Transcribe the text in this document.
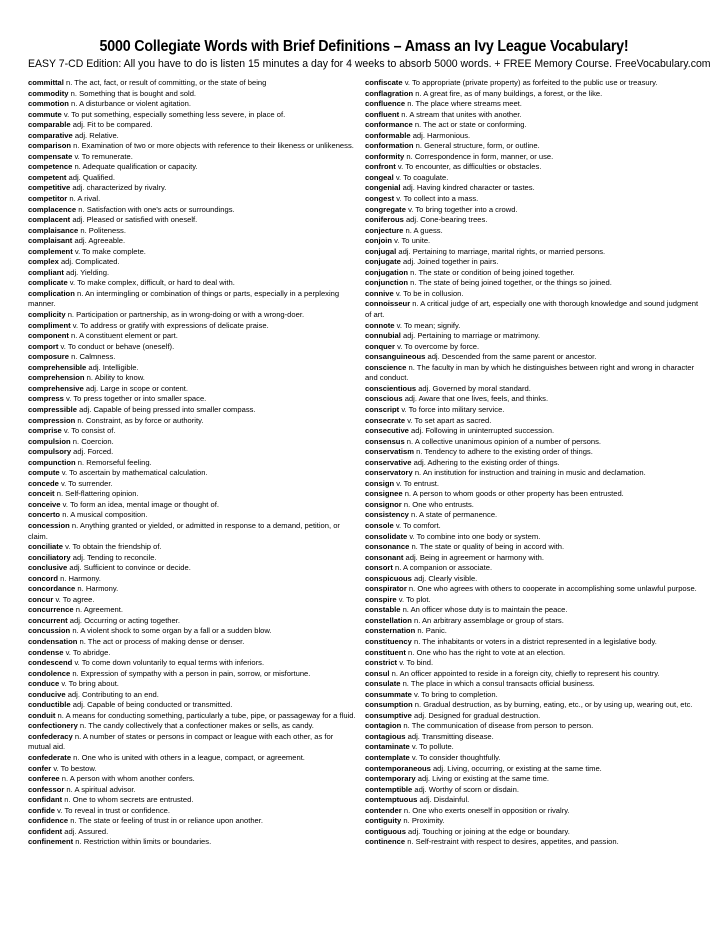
5000 Collegiate Words with Brief Definitions – Amass an Ivy League Vocabulary!
EASY 7-CD Edition: All you have to do is listen 15 minutes a day for 4 weeks to absorb 5000 words. + FREE Memory Course. FreeVocabulary.com

committal n. The act, fact, or result of committing, or the state of being

commodity n. Something that is bought and sold.

commotion n. A disturbance or violent agitation.

commute v. To put something, especially something less severe, in place of.

comparable adj. Fit to be compared.

comparative adj. Relative.

comparison n. Examination of two or more objects with reference to their likeness or unlikeness.

compensate v. To remunerate.

competence n. Adequate qualification or capacity.

competent adj. Qualified.

competitive adj. characterized by rivalry.

competitor n. A rival.

complacence n. Satisfaction with one's acts or surroundings.

complacent adj. Pleased or satisfied with oneself.

complaisance n. Politeness.

complaisant adj. Agreeable.

complement v. To make complete.

complex adj. Complicated.

compliant adj. Yielding.

complicate v. To make complex, difficult, or hard to deal with.

complication n. An intermingling or combination of things or parts, especially in a perplexing manner.

complicity n. Participation or partnership, as in wrong-doing or with a wrong-doer.

compliment v. To address or gratify with expressions of delicate praise.

component n. A constituent element or part.

comport v. To conduct or behave (oneself).

composure n. Calmness.

comprehensible adj. Intelligible.

comprehension n. Ability to know.

comprehensive adj. Large in scope or content.

compress v. To press together or into smaller space.

compressible adj. Capable of being pressed into smaller compass.

compression n. Constraint, as by force or authority.

comprise v. To consist of.

compulsion n. Coercion.

compulsory adj. Forced.

compunction n. Remorseful feeling.

compute v. To ascertain by mathematical calculation.

concede v. To surrender.

conceit n. Self-flattering opinion.

conceive v. To form an idea, mental image or thought of.

concerto n. A musical composition.

concession n. Anything granted or yielded, or admitted in response to a demand, petition, or claim.

conciliate v. To obtain the friendship of.

conciliatory adj. Tending to reconcile.

conclusive adj. Sufficient to convince or decide.

concord n. Harmony.

concordance n. Harmony.

concur v. To agree.

concurrence n. Agreement.

concurrent adj. Occurring or acting together.

concussion n. A violent shock to some organ by a fall or a sudden blow.

condensation n. The act or process of making dense or denser.

condense v. To abridge.

condescend v. To come down voluntarily to equal terms with inferiors.

condolence n. Expression of sympathy with a person in pain, sorrow, or misfortune.

conduce v. To bring about.

conducive adj. Contributing to an end.

conductible adj. Capable of being conducted or transmitted.

conduit n. A means for conducting something, particularly a tube, pipe, or passageway for a fluid.

confectionery n. The candy collectively that a confectioner makes or sells, as candy.

confederacy n. A number of states or persons in compact or league with each other, as for mutual aid.

confederate n. One who is united with others in a league, compact, or agreement.

confer v. To bestow.

conferee n. A person with whom another confers.

confessor n. A spiritual advisor.

confidant n. One to whom secrets are entrusted.

confide v. To reveal in trust or confidence.

confidence n. The state or feeling of trust in or reliance upon another.

confident adj. Assured.

confinement n. Restriction within limits or boundaries.

confiscate v. To appropriate (private property) as forfeited to the public use or treasury.

conflagration n. A great fire, as of many buildings, a forest, or the like.

confluence n. The place where streams meet.

confluent n. A stream that unites with another.

conformance n. The act or state or conforming.

conformable adj. Harmonious.

conformation n. General structure, form, or outline.

conformity n. Correspondence in form, manner, or use.

confront v. To encounter, as difficulties or obstacles.

congeal v. To coagulate.

congenial adj. Having kindred character or tastes.

congest v. To collect into a mass.

congregate v. To bring together into a crowd.

coniferous adj. Cone-bearing trees.

conjecture n. A guess.

conjoin v. To unite.

conjugal adj. Pertaining to marriage, marital rights, or married persons.

conjugate adj. Joined together in pairs.

conjugation n. The state or condition of being joined together.

conjunction n. The state of being joined together, or the things so joined.

connive v. To be in collusion.

connoisseur n. A critical judge of art, especially one with thorough knowledge and sound judgment of art.

connote v. To mean; signify.

connubial adj. Pertaining to marriage or matrimony.

conquer v. To overcome by force.

consanguineous adj. Descended from the same parent or ancestor.

conscience n. The faculty in man by which he distinguishes between right and wrong in character and conduct.

conscientious adj. Governed by moral standard.

conscious adj. Aware that one lives, feels, and thinks.

conscript v. To force into military service.

consecrate v. To set apart as sacred.

consecutive adj. Following in uninterrupted succession.

consensus n. A collective unanimous opinion of a number of persons.

conservatism n. Tendency to adhere to the existing order of things.

conservative adj. Adhering to the existing order of things.

conservatory n. An institution for instruction and training in music and declamation.

consign v. To entrust.

consignee n. A person to whom goods or other property has been entrusted.

consignor n. One who entrusts.

consistency n. A state of permanence.

console v. To comfort.

consolidate v. To combine into one body or system.

consonance n. The state or quality of being in accord with.

consonant adj. Being in agreement or harmony with.

consort n. A companion or associate.

conspicuous adj. Clearly visible.

conspirator n. One who agrees with others to cooperate in accomplishing some unlawful purpose.

conspire v. To plot.

constable n. An officer whose duty is to maintain the peace.

constellation n. An arbitrary assemblage or group of stars.

consternation n. Panic.

constituency n. The inhabitants or voters in a district represented in a legislative body.

constituent n. One who has the right to vote at an election.

constrict v. To bind.

consul n. An officer appointed to reside in a foreign city, chiefly to represent his country.

consulate n. The place in which a consul transacts official business.

consummate v. To bring to completion.

consumption n. Gradual destruction, as by burning, eating, etc., or by using up, wearing out, etc.

consumptive adj. Designed for gradual destruction.

contagion n. The communication of disease from person to person.

contagious adj. Transmitting disease.

contaminate v. To pollute.

contemplate v. To consider thoughtfully.

contemporaneous adj. Living, occurring, or existing at the same time.

contemporary adj. Living or existing at the same time.

contemptible adj. Worthy of scorn or disdain.

contemptuous adj. Disdainful.

contender n. One who exerts oneself in opposition or rivalry.

contiguity n. Proximity.

contiguous adj. Touching or joining at the edge or boundary.

continence n. Self-restraint with respect to desires, appetites, and passion.
